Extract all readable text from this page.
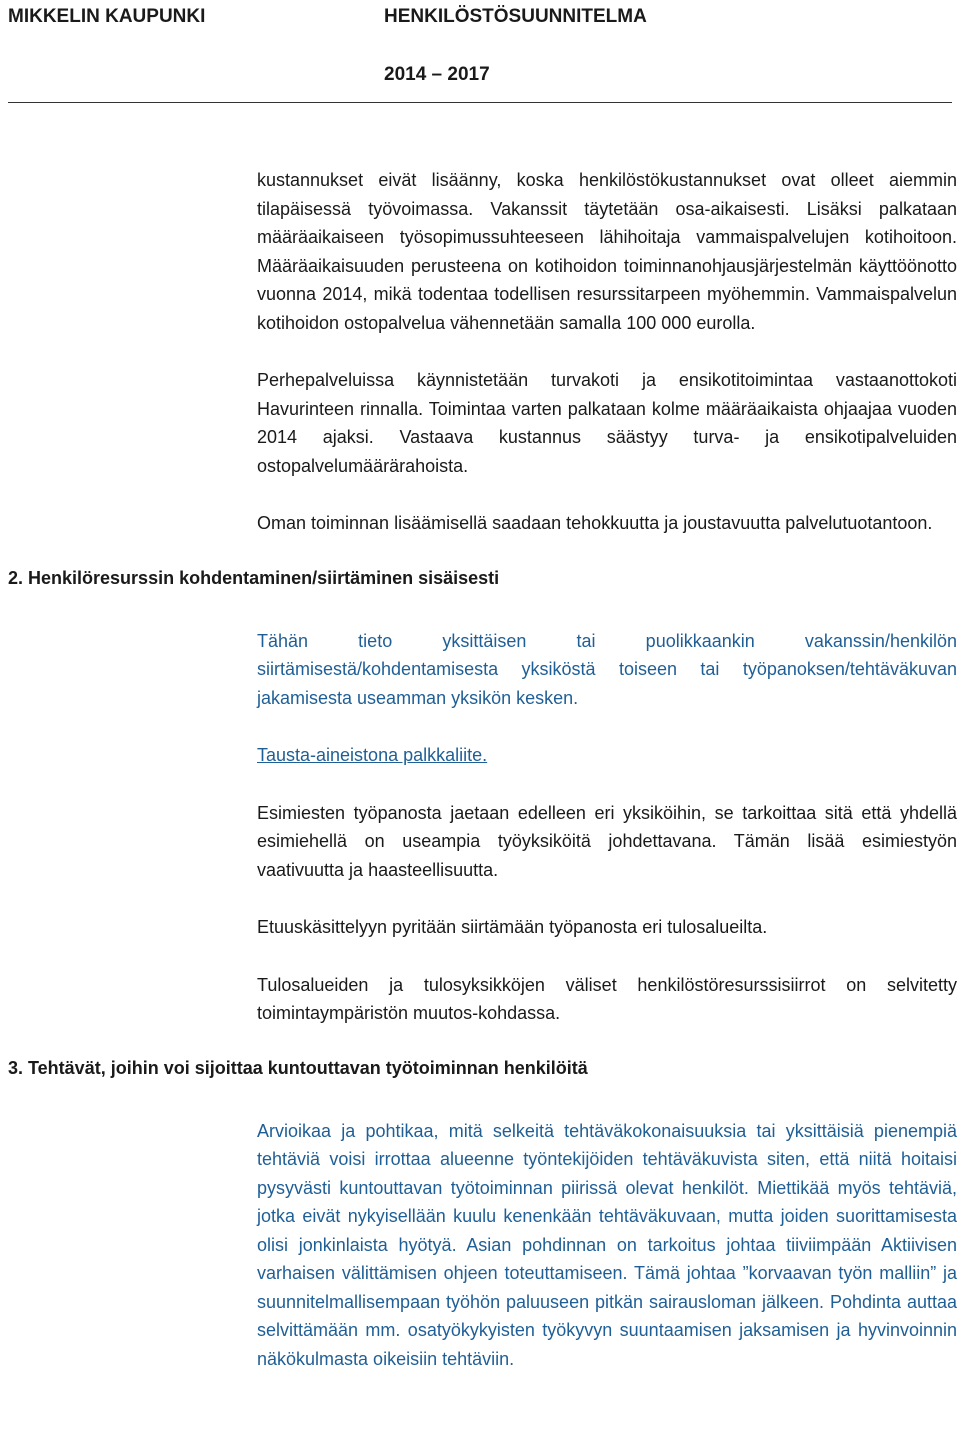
MIKKELIN KAUPUNKI	HENKILÖSTÖSUUNNITELMA
2014 – 2017

kustannukset eivät lisäänny, koska henkilöstökustannukset ovat olleet aiemmin tilapäisessä työvoimassa. Vakanssit täytetään osa-aikaisesti. Lisäksi palkataan määräaikaiseen työsopimussuhteeseen lähihoitaja vammaispalvelujen kotihoitoon. Määräaikaisuuden perusteena on kotihoidon toiminnanohjausjärjestelmän käyttöönotto vuonna 2014, mikä todentaa todellisen resurssitarpeen myöhemmin. Vammaispalvelun kotihoidon ostopalvelua vähennetään samalla 100 000 eurolla.

Perhepalveluissa käynnistetään turvakoti ja ensikotitoimintaa vastaanottokoti Havurinteen rinnalla. Toimintaa varten palkataan kolme määräaikaista ohjaajaa vuoden 2014 ajaksi. Vastaava kustannus säästyy turva- ja ensikotipalveluiden ostopalvelumäärärahoista.

Oman toiminnan lisäämisellä saadaan tehokkuutta ja joustavuutta palvelutuotantoon.

2. Henkilöresurssin kohdentaminen/siirtäminen sisäisesti

Tähän tieto yksittäisen tai puolikkaankin vakanssin/henkilön siirtämisestä/kohdentamisesta yksiköstä toiseen tai työpanoksen/tehtäväkuvan jakamisesta useamman yksikön kesken.

Tausta-aineistona palkkaliite.

Esimiesten työpanosta jaetaan edelleen eri yksiköihin, se tarkoittaa sitä että yhdellä esimiehellä on useampia työyksiköitä johdettavana. Tämän lisää esimiestyön vaativuutta ja haasteellisuutta.

Etuuskäsittelyyn pyritään siirtämään työpanosta eri tulosalueilta.

Tulosalueiden ja tulosyksikköjen väliset henkilöstöresurssisiirrot on selvitetty toimintaympäristön muutos-kohdassa.

3. Tehtävät, joihin voi sijoittaa kuntouttavan työtoiminnan henkilöitä

Arvioikaa ja pohtikaa, mitä selkeitä tehtäväkokonaisuuksia tai yksittäisiä pienempiä tehtäviä voisi irrottaa alueenne työntekijöiden tehtäväkuvista siten, että niitä hoitaisi pysyvästi kuntouttavan työtoiminnan piirissä olevat henkilöt. Miettikää myös tehtäviä, jotka eivät nykyisellään kuulu kenenkään tehtäväkuvaan, mutta joiden suorittamisesta olisi jonkinlaista hyötyä. Asian pohdinnan on tarkoitus johtaa tiiviimpään Aktiivisen varhaisen välittämisen ohjeen toteuttamiseen. Tämä johtaa ”korvaavan työn malliin” ja suunnitelmallisempaan työhön paluuseen pitkän sairausloman jälkeen. Pohdinta auttaa selvittämään mm. osatyökykyisten työkyvyn suuntaamisen jaksamisen ja hyvinvoinnin näkökulmasta oikeisiin tehtäviin.
